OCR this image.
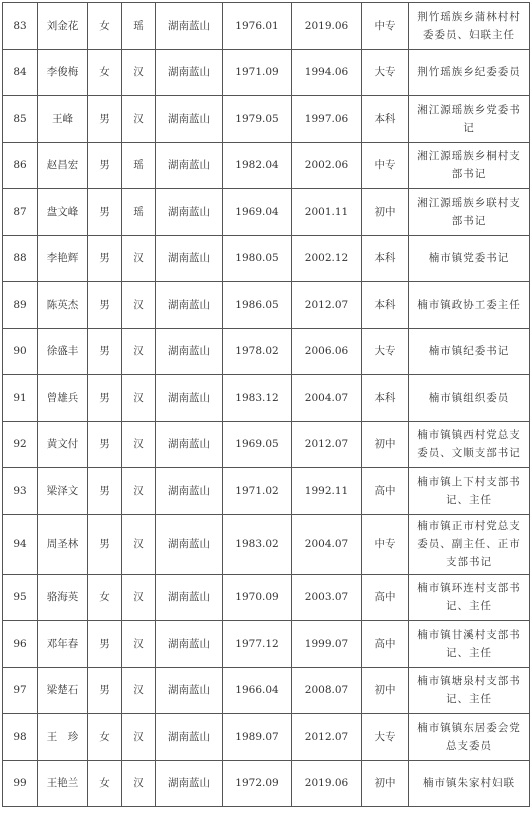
83	刘金花	女	瑶	湖南蓝山	1976.01	2019.06	中专	荆竹瑶族乡蒲林村村委委员、妇联主任
84	李俊梅	女	汉	湖南蓝山	1971.09	1994.06	大专	荆竹瑶族乡纪委委员
85	王峰	男	汉	湖南蓝山	1979.05	1997.06	本科	湘江源瑶族乡党委书记
86	赵昌宏	男	瑶	湖南蓝山	1982.04	2002.06	中专	湘江源瑶族乡桐村支部书记
87	盘文峰	男	瑶	湖南蓝山	1969.04	2001.11	初中	湘江源瑶族乡联村支部书记
88	李艳辉	男	汉	湖南蓝山	1980.05	2002.12	本科	楠市镇党委书记
89	陈英杰	男	汉	湖南蓝山	1986.05	2012.07	本科	楠市镇政协工委主任
90	徐盛丰	男	汉	湖南蓝山	1978.02	2006.06	大专	楠市镇纪委书记
91	曾雄兵	男	汉	湖南蓝山	1983.12	2004.07	本科	楠市镇组织委员
92	黄文付	男	汉	湖南蓝山	1969.05	2012.07	初中	楠市镇镇西村党总支委员、文顺支部书记
93	梁泽文	男	汉	湖南蓝山	1971.02	1992.11	高中	楠市镇上下村支部书记、主任
94	周圣林	男	汉	湖南蓝山	1983.02	2004.07	中专	楠市镇正市村党总支委员、副主任、正市支部书记
95	骆海英	女	汉	湖南蓝山	1970.09	2003.07	高中	楠市镇环连村支部书记、主任
96	邓年春	男	汉	湖南蓝山	1977.12	1999.07	高中	楠市镇甘溪村支部书记、主任
97	梁楚石	男	汉	湖南蓝山	1966.04	2008.07	初中	楠市镇塘泉村支部书记、主任
98	王　珍	女	汉	湖南蓝山	1989.07	2012.07	大专	楠市镇镇东居委会党总支委员
99	王艳兰	女	汉	湖南蓝山	1972.09	2019.06	初中	楠市镇朱家村妇联
